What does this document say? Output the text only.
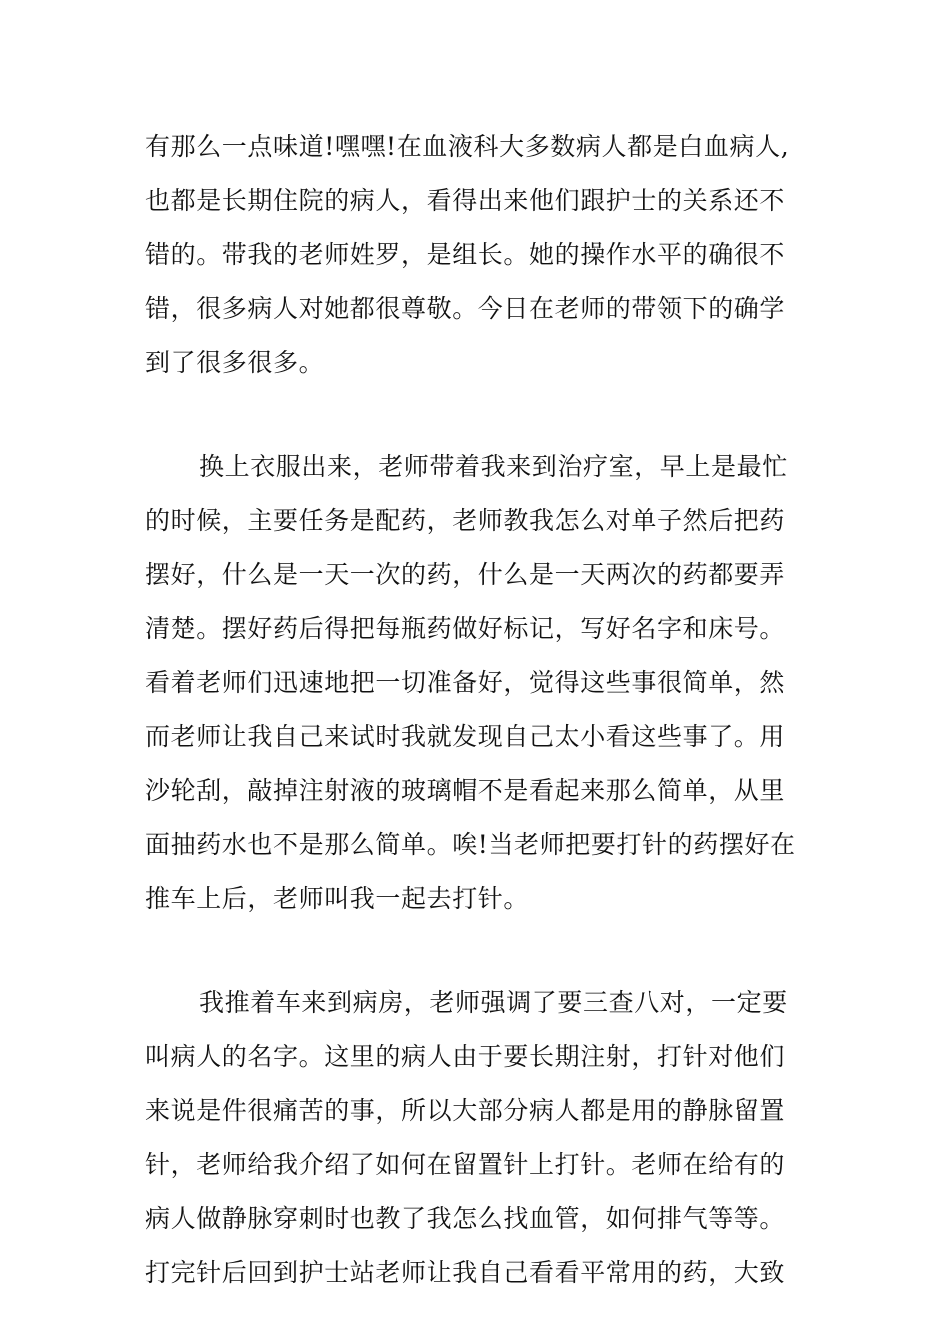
有那么一点味道!嘿嘿!在血液科大多数病人都是白血病人,
也都是长期住院的病人，看得出来他们跟护士的关系还不
错的。带我的老师姓罗，是组长。她的操作水平的确很不
错，很多病人对她都很尊敬。今日在老师的带领下的确学
到了很多很多。

换上衣服出来，老师带着我来到治疗室，早上是最忙
的时候，主要任务是配药，老师教我怎么对单子然后把药
摆好，什么是一天一次的药，什么是一天两次的药都要弄
清楚。摆好药后得把每瓶药做好标记，写好名字和床号。
看着老师们迅速地把一切准备好，觉得这些事很简单，然
而老师让我自己来试时我就发现自己太小看这些事了。用
沙轮刮，敲掉注射液的玻璃帽不是看起来那么简单，从里
面抽药水也不是那么简单。唉!当老师把要打针的药摆好在
推车上后，老师叫我一起去打针。

我推着车来到病房，老师强调了要三查八对，一定要
叫病人的名字。这里的病人由于要长期注射，打针对他们
来说是件很痛苦的事，所以大部分病人都是用的静脉留置
针，老师给我介绍了如何在留置针上打针。老师在给有的
病人做静脉穿刺时也教了我怎么找血管，如何排气等等。
打完针后回到护士站老师让我自己看看平常用的药，大致
